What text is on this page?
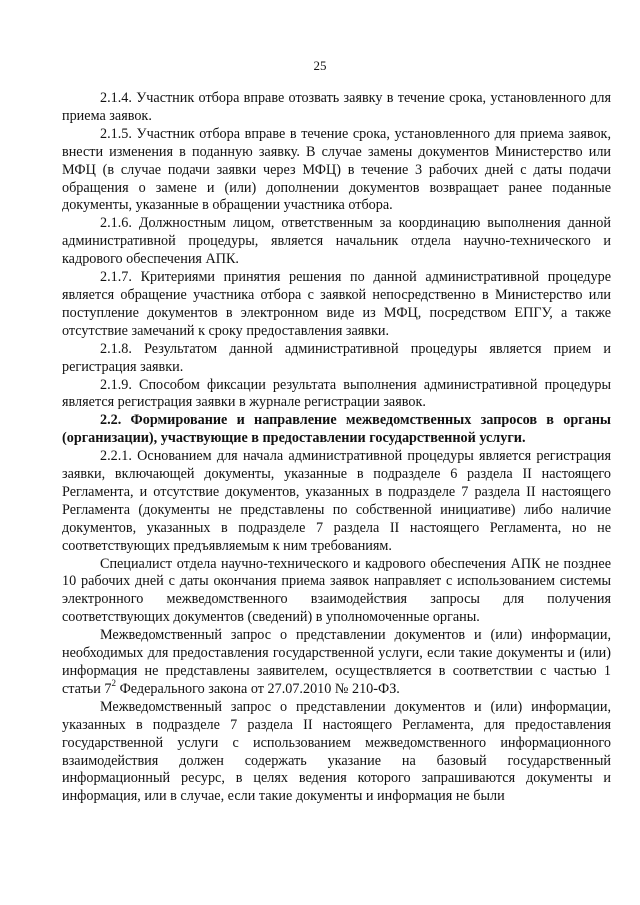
25

2.1.4. Участник отбора вправе отозвать заявку в течение срока, установленного для приема заявок.

2.1.5. Участник отбора вправе в течение срока, установленного для приема заявок, внести изменения в поданную заявку. В случае замены документов Министерство или МФЦ (в случае подачи заявки через МФЦ) в течение 3 рабочих дней с даты подачи обращения о замене и (или) дополнении документов возвращает ранее поданные документы, указанные в обращении участника отбора.

2.1.6. Должностным лицом, ответственным за координацию выполнения данной административной процедуры, является начальник отдела научно-технического и кадрового обеспечения АПК.

2.1.7. Критериями принятия решения по данной административной процедуре является обращение участника отбора с заявкой непосредственно в Министерство или поступление документов в электронном виде из МФЦ, посредством ЕПГУ, а также отсутствие замечаний к сроку предоставления заявки.

2.1.8. Результатом данной административной процедуры является прием и регистрация заявки.

2.1.9. Способом фиксации результата выполнения административной процедуры является регистрация заявки в журнале регистрации заявок.

2.2. Формирование и направление межведомственных запросов в органы (организации), участвующие в предоставлении государственной услуги.

2.2.1. Основанием для начала административной процедуры является регистрация заявки, включающей документы, указанные в подразделе 6 раздела II настоящего Регламента, и отсутствие документов, указанных в подразделе 7 раздела II настоящего Регламента (документы не представлены по собственной инициативе) либо наличие документов, указанных в подразделе 7 раздела II настоящего Регламента, но не соответствующих предъявляемым к ним требованиям.

Специалист отдела научно-технического и кадрового обеспечения АПК не позднее 10 рабочих дней с даты окончания приема заявок направляет с использованием системы электронного межведомственного взаимодействия запросы для получения соответствующих документов (сведений) в уполномоченные органы.

Межведомственный запрос о представлении документов и (или) информации, необходимых для предоставления государственной услуги, если такие документы и (или) информация не представлены заявителем, осуществляется в соответствии с частью 1 статьи $7^2$ Федерального закона от 27.07.2010 № 210-ФЗ.

Межведомственный запрос о представлении документов и (или) информации, указанных в подразделе 7 раздела II настоящего Регламента, для предоставления государственной услуги с использованием межведомственного информационного взаимодействия должен содержать указание на базовый государственный информационный ресурс, в целях ведения которого запрашиваются документы и информация, или в случае, если такие документы и информация не были
